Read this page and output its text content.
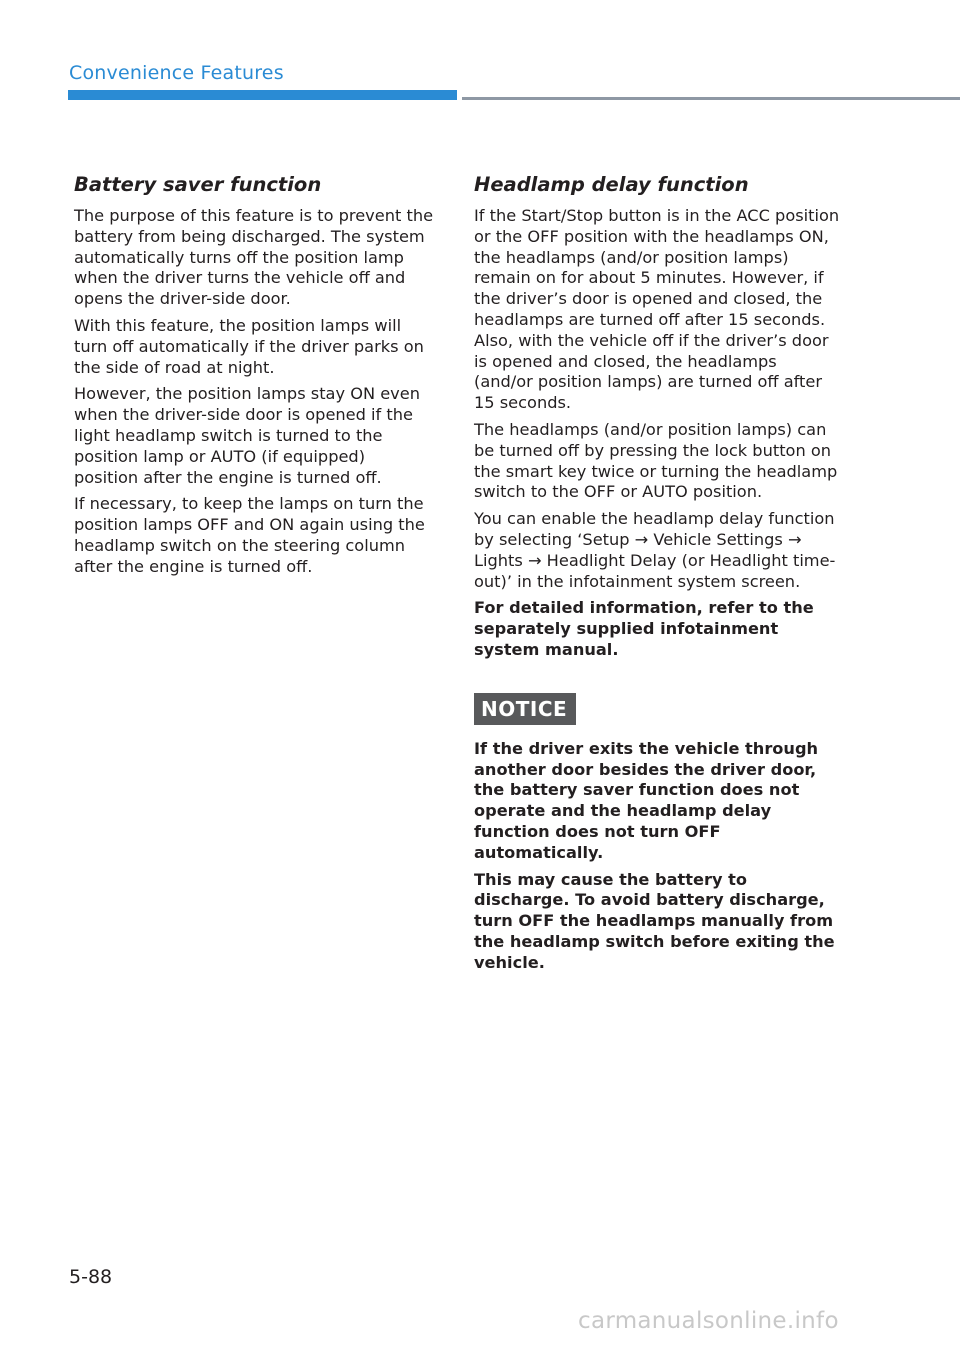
Convenience Features
Battery saver function

The purpose of this feature is to prevent the battery from being discharged. The system automatically turns off the position lamp when the driver turns the vehicle off and opens the driver-side door.

With this feature, the position lamps will turn off automatically if the driver parks on the side of road at night.

However, the position lamps stay ON even when the driver-side door is opened if the light headlamp switch is turned to the position lamp or AUTO (if equipped) position after the engine is turned off.

If necessary, to keep the lamps on turn the position lamps OFF and ON again using the headlamp switch on the steering column after the engine is turned off.

Headlamp delay function

If the Start/Stop button is in the ACC position or the OFF position with the headlamps ON, the headlamps (and/or position lamps) remain on for about 5 minutes. However, if the driver’s door is opened and closed, the headlamps are turned off after 15 seconds. Also, with the vehicle off if the driver’s door is opened and closed, the headlamps (and/or position lamps) are turned off after 15 seconds.

The headlamps (and/or position lamps) can be turned off by pressing the lock button on the smart key twice or turning the headlamp switch to the OFF or AUTO position.

You can enable the headlamp delay function by selecting ‘Setup → Vehicle Settings → Lights → Headlight Delay (or Headlight time-out)’ in the infotainment system screen.

For detailed information, refer to the separately supplied infotainment system manual.

NOTICE

If the driver exits the vehicle through another door besides the driver door, the battery saver function does not operate and the headlamp delay function does not turn OFF automatically.

This may cause the battery to discharge. To avoid battery discharge, turn OFF the headlamps manually from the headlamp switch before exiting the vehicle.

5-88
carmanualsonline.info
